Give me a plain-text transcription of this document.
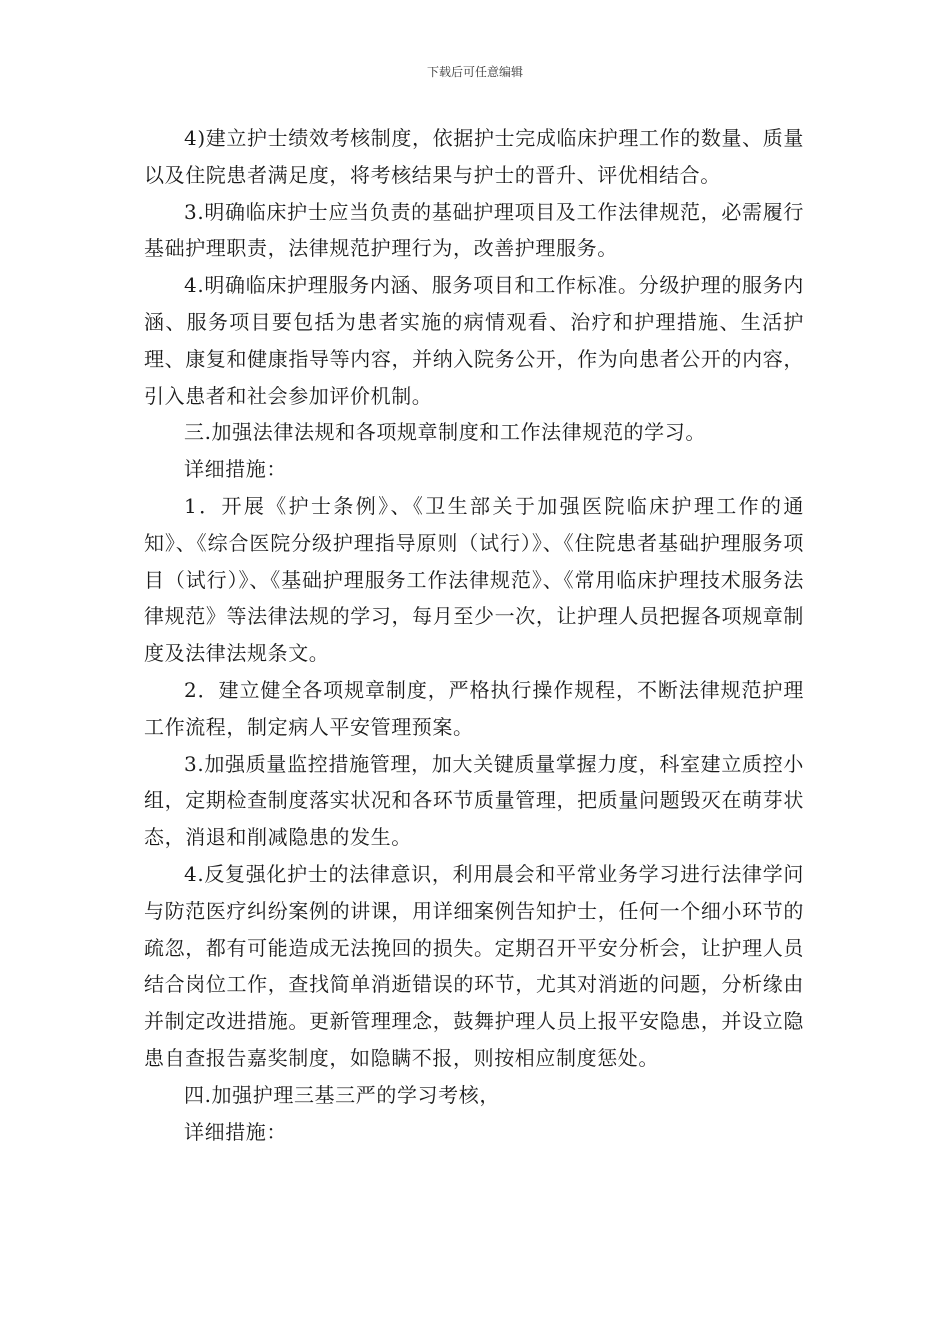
下载后可任意编辑

4)建立护士绩效考核制度，依据护士完成临床护理工作的数量、质量以及住院患者满足度，将考核结果与护士的晋升、评优相结合。

3.明确临床护士应当负责的基础护理项目及工作法律规范，必需履行基础护理职责，法律规范护理行为，改善护理服务。

4.明确临床护理服务内涵、服务项目和工作标准。分级护理的服务内涵、服务项目要包括为患者实施的病情观看、治疗和护理措施、生活护理、康复和健康指导等内容，并纳入院务公开，作为向患者公开的内容，引入患者和社会参加评价机制。

三.加强法律法规和各项规章制度和工作法律规范的学习。

详细措施：

1．开展《护士条例》、《卫生部关于加强医院临床护理工作的通知》、《综合医院分级护理指导原则（试行）》、《住院患者基础护理服务项目（试行）》、《基础护理服务工作法律规范》、《常用临床护理技术服务法律规范》等法律法规的学习，每月至少一次，让护理人员把握各项规章制度及法律法规条文。

2．建立健全各项规章制度，严格执行操作规程，不断法律规范护理工作流程，制定病人平安管理预案。

3.加强质量监控措施管理，加大关键质量掌握力度，科室建立质控小组，定期检查制度落实状况和各环节质量管理，把质量问题毁灭在萌芽状态，消退和削减隐患的发生。

4.反复强化护士的法律意识，利用晨会和平常业务学习进行法律学问与防范医疗纠纷案例的讲课，用详细案例告知护士，任何一个细小环节的疏忽，都有可能造成无法挽回的损失。定期召开平安分析会，让护理人员结合岗位工作，查找简单消逝错误的环节，尤其对消逝的问题，分析缘由并制定改进措施。更新管理理念，鼓舞护理人员上报平安隐患，并设立隐患自查报告嘉奖制度，如隐瞒不报，则按相应制度惩处。

四.加强护理三基三严的学习考核，

详细措施：
